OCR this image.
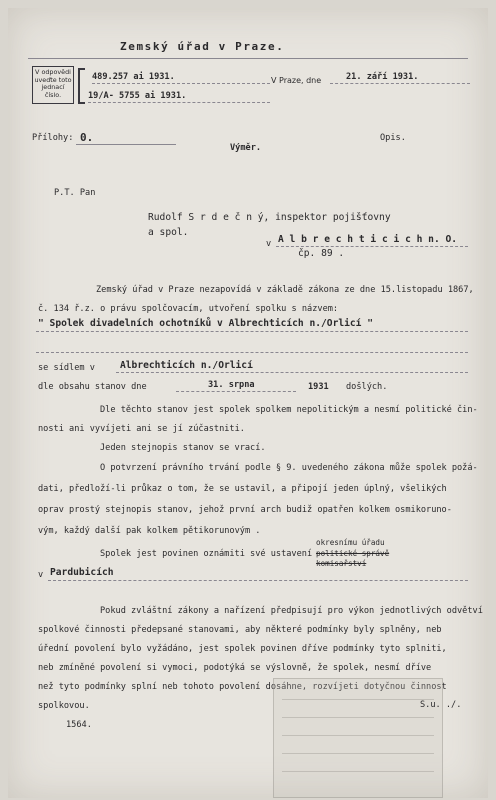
Zemský úřad v Praze.
V odpovědi uveďte toto jednací číslo.
489.257 ai 1931.
19/A- 5755 ai 1931.
V Praze, dne	21. září 1931.
Přílohy: 0.
Výměr.
Opis.
P.T. Pan
Rudolf S r d e č n ý, inspektor pojišťovny
a spol.
v A l b r e c h t i c i c h n. O.
čp. 89 .
Zemský úřad v Praze nezapovídá v základě zákona ze dne 15.listopadu 1867,
č. 134 ř.z. o právu spolčovacím, utvoření spolku s názvem:
" Spolek divadelních ochotníků v Albrechticích n./Orlicí "
se sídlem v	Albrechticích n./Orlicí
dle obsahu stanov dne	31. srpna	1931 došlých.
Dle těchto stanov jest spolek spolkem nepolitickým a nesmí politické čin-
nosti ani vyvíjeti ani se jí zúčastniti.
Jeden stejnopis stanov se vrací.
O potvrzení právního trvání podle § 9. uvedeného zákona může spolek požá-
dati, předloží-li průkaz o tom, že se ustavil, a připojí jeden úplný, všelikých
oprav prostý stejnopis stanov, jehož první arch budiž opatřen kolkem osmikoruno-
vým, každý další pak kolkem pětikorunovým .
Spolek jest povinen oznámiti své ustavení
okresnímu úřadu
politické správě
komisařství
v Pardubicích
Pokud zvláštní zákony a nařízení předpisují pro výkon jednotlivých odvětví
spolkové činnosti předepsané stanovami, aby některé podmínky byly splněny, neb
úřední povolení bylo vyžádáno, jest spolek povinen dříve podmínky tyto splniti,
neb zmíněné povolení si vymoci, podotýká se výslovně, že spolek, nesmí dříve
než tyto podmínky splní neb tohoto povolení dosáhne, rozvíjeti dotyčnou činnost
spolkovou.	S.u. ./.
1564.
